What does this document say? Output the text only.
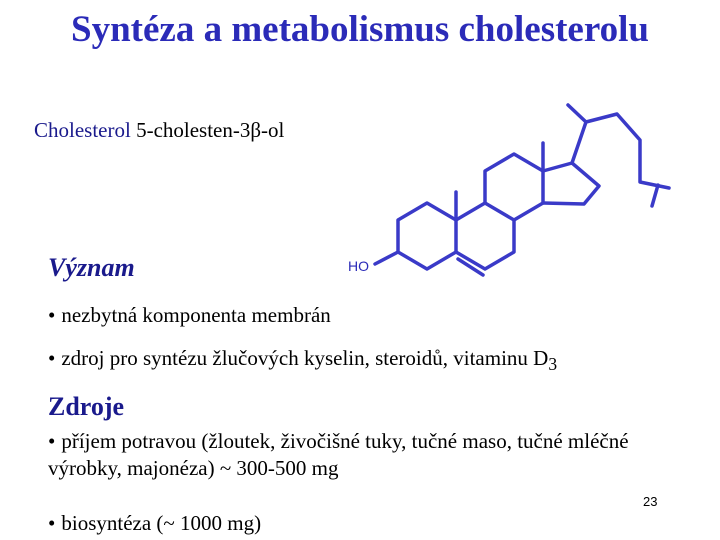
Syntéza a metabolismus cholesterolu
Cholesterol 5-cholesten-3β-ol
HO
Význam
• nezbytná komponenta membrán
• zdroj pro syntézu žlučových kyselin, steroidů, vitaminu $D_3$
Zdroje
• příjem potravou (žloutek, živočišné tuky, tučné maso, tučné mléčné výrobky, majonéza) ~ 300-500 mg
• biosyntéza (~ 1000 mg)
23
